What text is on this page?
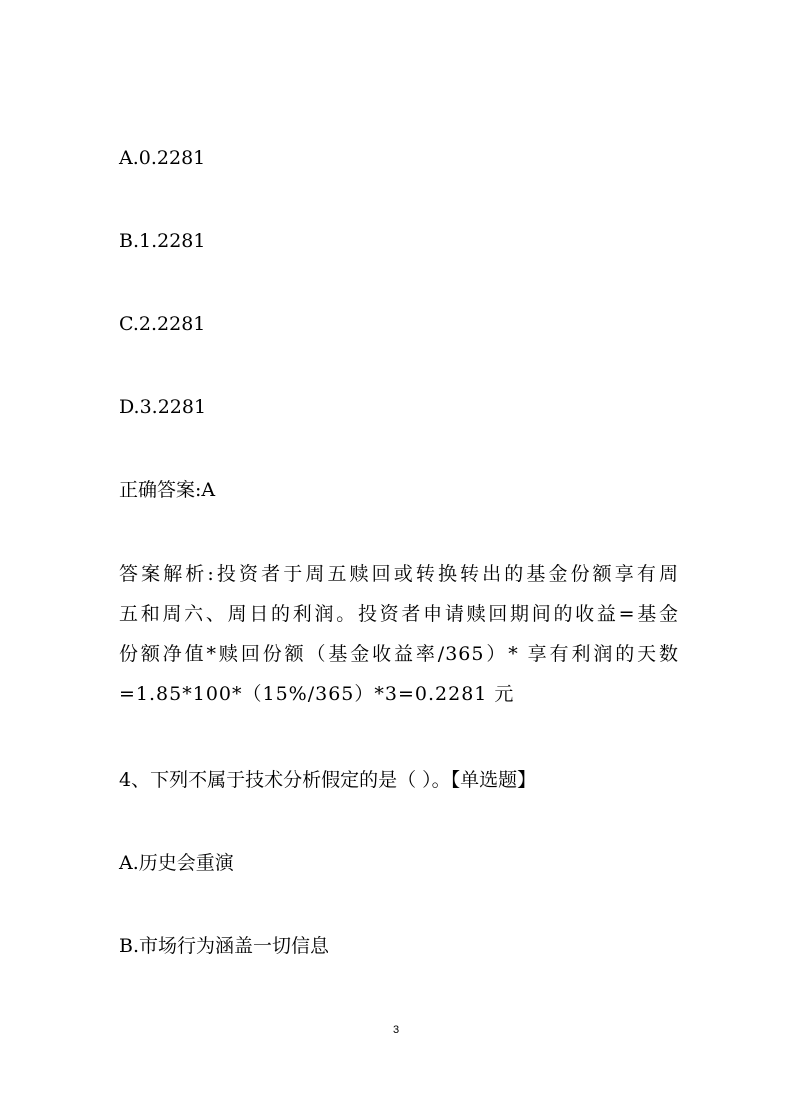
A.0.2281
B.1.2281
C.2.2281
D.3.2281
正确答案:A
答案解析:投资者于周五赎回或转换转出的基金份额享有周
五和周六、周日的利润。投资者申请赎回期间的收益=基金
份额净值*赎回份额（基金收益率/365）* 享有利润的天数
=1.85*100*（15%/365）*3=0.2281 元
4、下列不属于技术分析假定的是（ ）。【单选题】
A.历史会重演
B.市场行为涵盖一切信息
3
